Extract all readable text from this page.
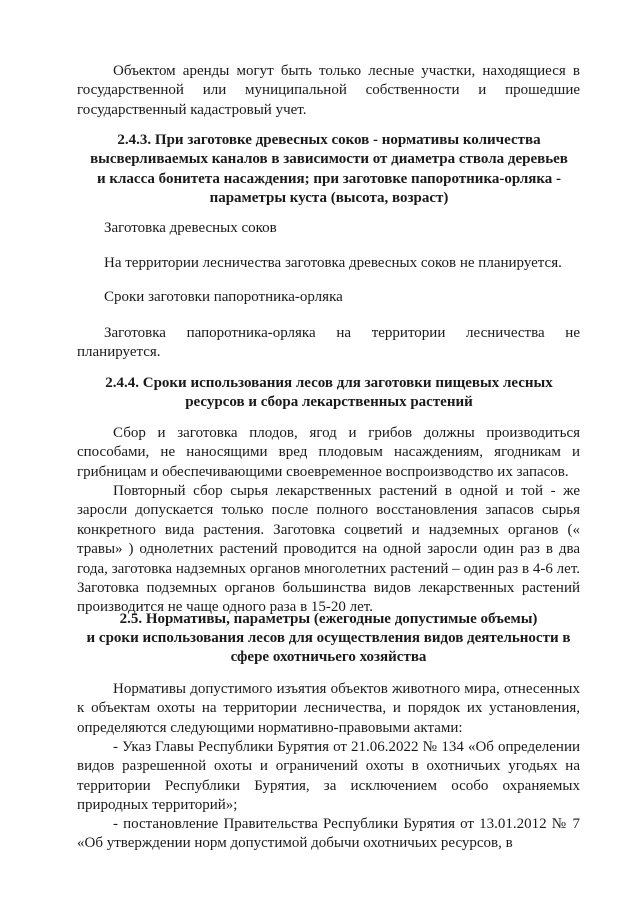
Объектом аренды могут быть только лесные участки, находящиеся в государственной или муниципальной собственности и прошедшие государственный кадастровый учет.

2.4.3. При заготовке древесных соков - нормативы количества высверливаемых каналов в зависимости от диаметра ствола деревьев и класса бонитета насаждения; при заготовке папоротника-орляка - параметры куста (высота, возраст)

Заготовка древесных соков

На территории лесничества заготовка древесных соков не планируется.

Сроки заготовки папоротника-орляка

Заготовка папоротника-орляка на территории лесничества не планируется.

2.4.4. Сроки использования лесов для заготовки пищевых лесных ресурсов и сбора лекарственных растений

Сбор и заготовка плодов, ягод и грибов должны производиться способами, не наносящими вред плодовым насаждениям, ягодникам и грибницам и обеспечивающими своевременное воспроизводство их запасов.

Повторный сбор сырья лекарственных растений в одной и той - же заросли допускается только после полного восстановления запасов сырья конкретного вида растения. Заготовка соцветий и надземных органов (« травы» ) однолетних растений проводится на одной заросли один раз в два года, заготовка надземных органов многолетних растений – один раз в 4-6 лет. Заготовка подземных органов большинства видов лекарственных растений производится не чаще одного раза в 15-20 лет.

2.5. Нормативы, параметры (ежегодные допустимые объемы)

и сроки использования лесов для осуществления видов деятельности в сфере охотничьего хозяйства

Нормативы допустимого изъятия объектов животного мира, отнесенных к объектам охоты на территории лесничества, и порядок их установления, определяются следующими нормативно-правовыми актами:

- Указ Главы Республики Бурятия от 21.06.2022 № 134 «Об определении видов разрешенной охоты и ограничений охоты в охотничьих угодьях на территории Республики Бурятия, за исключением особо охраняемых природных территорий»;

- постановление Правительства Республики Бурятия от 13.01.2012 № 7 «Об утверждении норм допустимой добычи охотничьих ресурсов, в
